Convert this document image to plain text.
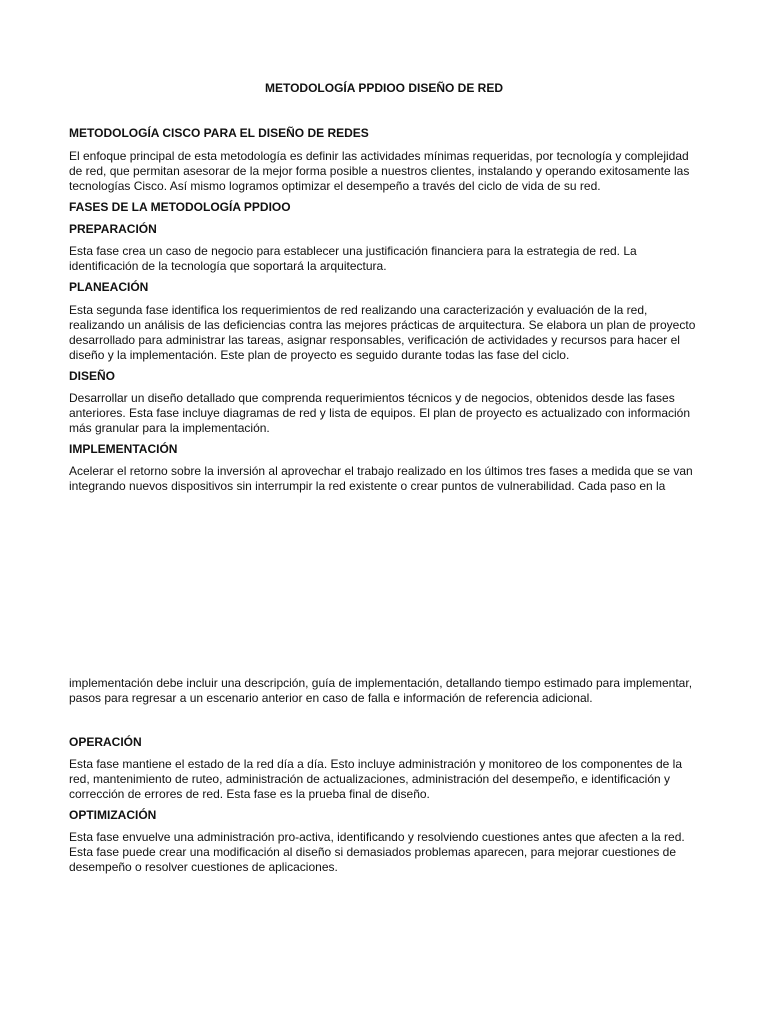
METODOLOGÍA PPDIOO DISEÑO DE RED
METODOLOGÍA CISCO PARA EL DISEÑO DE REDES

El enfoque principal de esta metodología es definir las actividades mínimas requeridas, por tecnología y complejidad de red, que permitan asesorar de la mejor forma posible a nuestros clientes, instalando y operando exitosamente las tecnologías Cisco. Así mismo logramos optimizar el desempeño a través del ciclo de vida de su red.

FASES DE LA METODOLOGÍA PPDIOO
PREPARACIÓN

Esta fase crea un caso de negocio para establecer una justificación financiera para la estrategia de red. La identificación de la tecnología que soportará la arquitectura.

PLANEACIÓN

Esta segunda fase identifica los requerimientos de red realizando una caracterización y evaluación de la red, realizando un análisis de las deficiencias contra las mejores prácticas de arquitectura. Se elabora un plan de proyecto desarrollado para administrar las tareas, asignar responsables, verificación de actividades y recursos para hacer el diseño y la implementación. Este plan de proyecto es seguido durante todas las fase del ciclo.

DISEÑO

Desarrollar un diseño detallado que comprenda requerimientos técnicos y de negocios, obtenidos desde las fases anteriores. Esta fase incluye diagramas de red y lista de equipos. El plan de proyecto es actualizado con información más granular para la implementación.

IMPLEMENTACIÓN

Acelerar el retorno sobre la inversión al aprovechar el trabajo realizado en los últimos tres fases a medida que se van integrando nuevos dispositivos sin interrumpir la red existente o crear puntos de vulnerabilidad. Cada paso en la

implementación debe incluir una descripción, guía de implementación, detallando tiempo estimado para implementar, pasos para regresar a un escenario anterior en caso de falla e información de referencia adicional.

OPERACIÓN

Esta fase mantiene el estado de la red día a día. Esto incluye administración y monitoreo de los componentes de la red, mantenimiento de ruteo, administración de actualizaciones, administración del desempeño, e identificación y corrección de errores de red. Esta fase es la prueba final de diseño.

OPTIMIZACIÓN

Esta fase envuelve una administración pro-activa, identificando y resolviendo cuestiones antes que afecten a la red. Esta fase puede crear una modificación al diseño si demasiados problemas aparecen, para mejorar cuestiones de desempeño o resolver cuestiones de aplicaciones.
